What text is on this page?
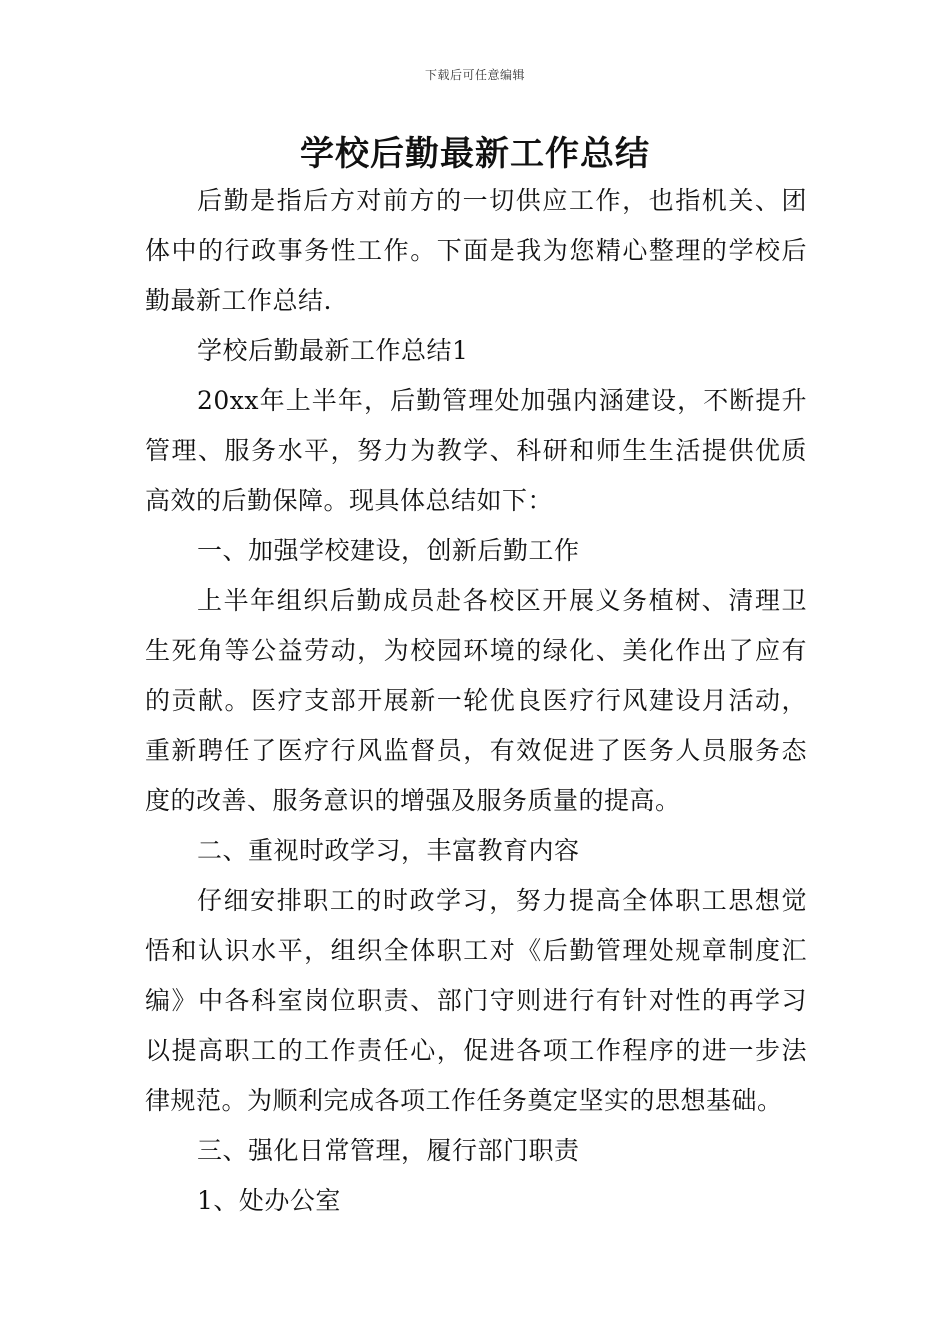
下载后可任意编辑
学校后勤最新工作总结

后勤是指后方对前方的一切供应工作，也指机关、团体中的行政事务性工作。下面是我为您精心整理的学校后勤最新工作总结.

学校后勤最新工作总结1

20xx年上半年，后勤管理处加强内涵建设，不断提升管理、服务水平，努力为教学、科研和师生生活提供优质高效的后勤保障。现具体总结如下：

一、加强学校建设，创新后勤工作

上半年组织后勤成员赴各校区开展义务植树、清理卫生死角等公益劳动，为校园环境的绿化、美化作出了应有的贡献。医疗支部开展新一轮优良医疗行风建设月活动，重新聘任了医疗行风监督员，有效促进了医务人员服务态度的改善、服务意识的增强及服务质量的提高。

二、重视时政学习，丰富教育内容

仔细安排职工的时政学习，努力提高全体职工思想觉悟和认识水平，组织全体职工对《后勤管理处规章制度汇编》中各科室岗位职责、部门守则进行有针对性的再学习以提高职工的工作责任心，促进各项工作程序的进一步法律规范。为顺利完成各项工作任务奠定坚实的思想基础。

三、强化日常管理，履行部门职责

1、处办公室
